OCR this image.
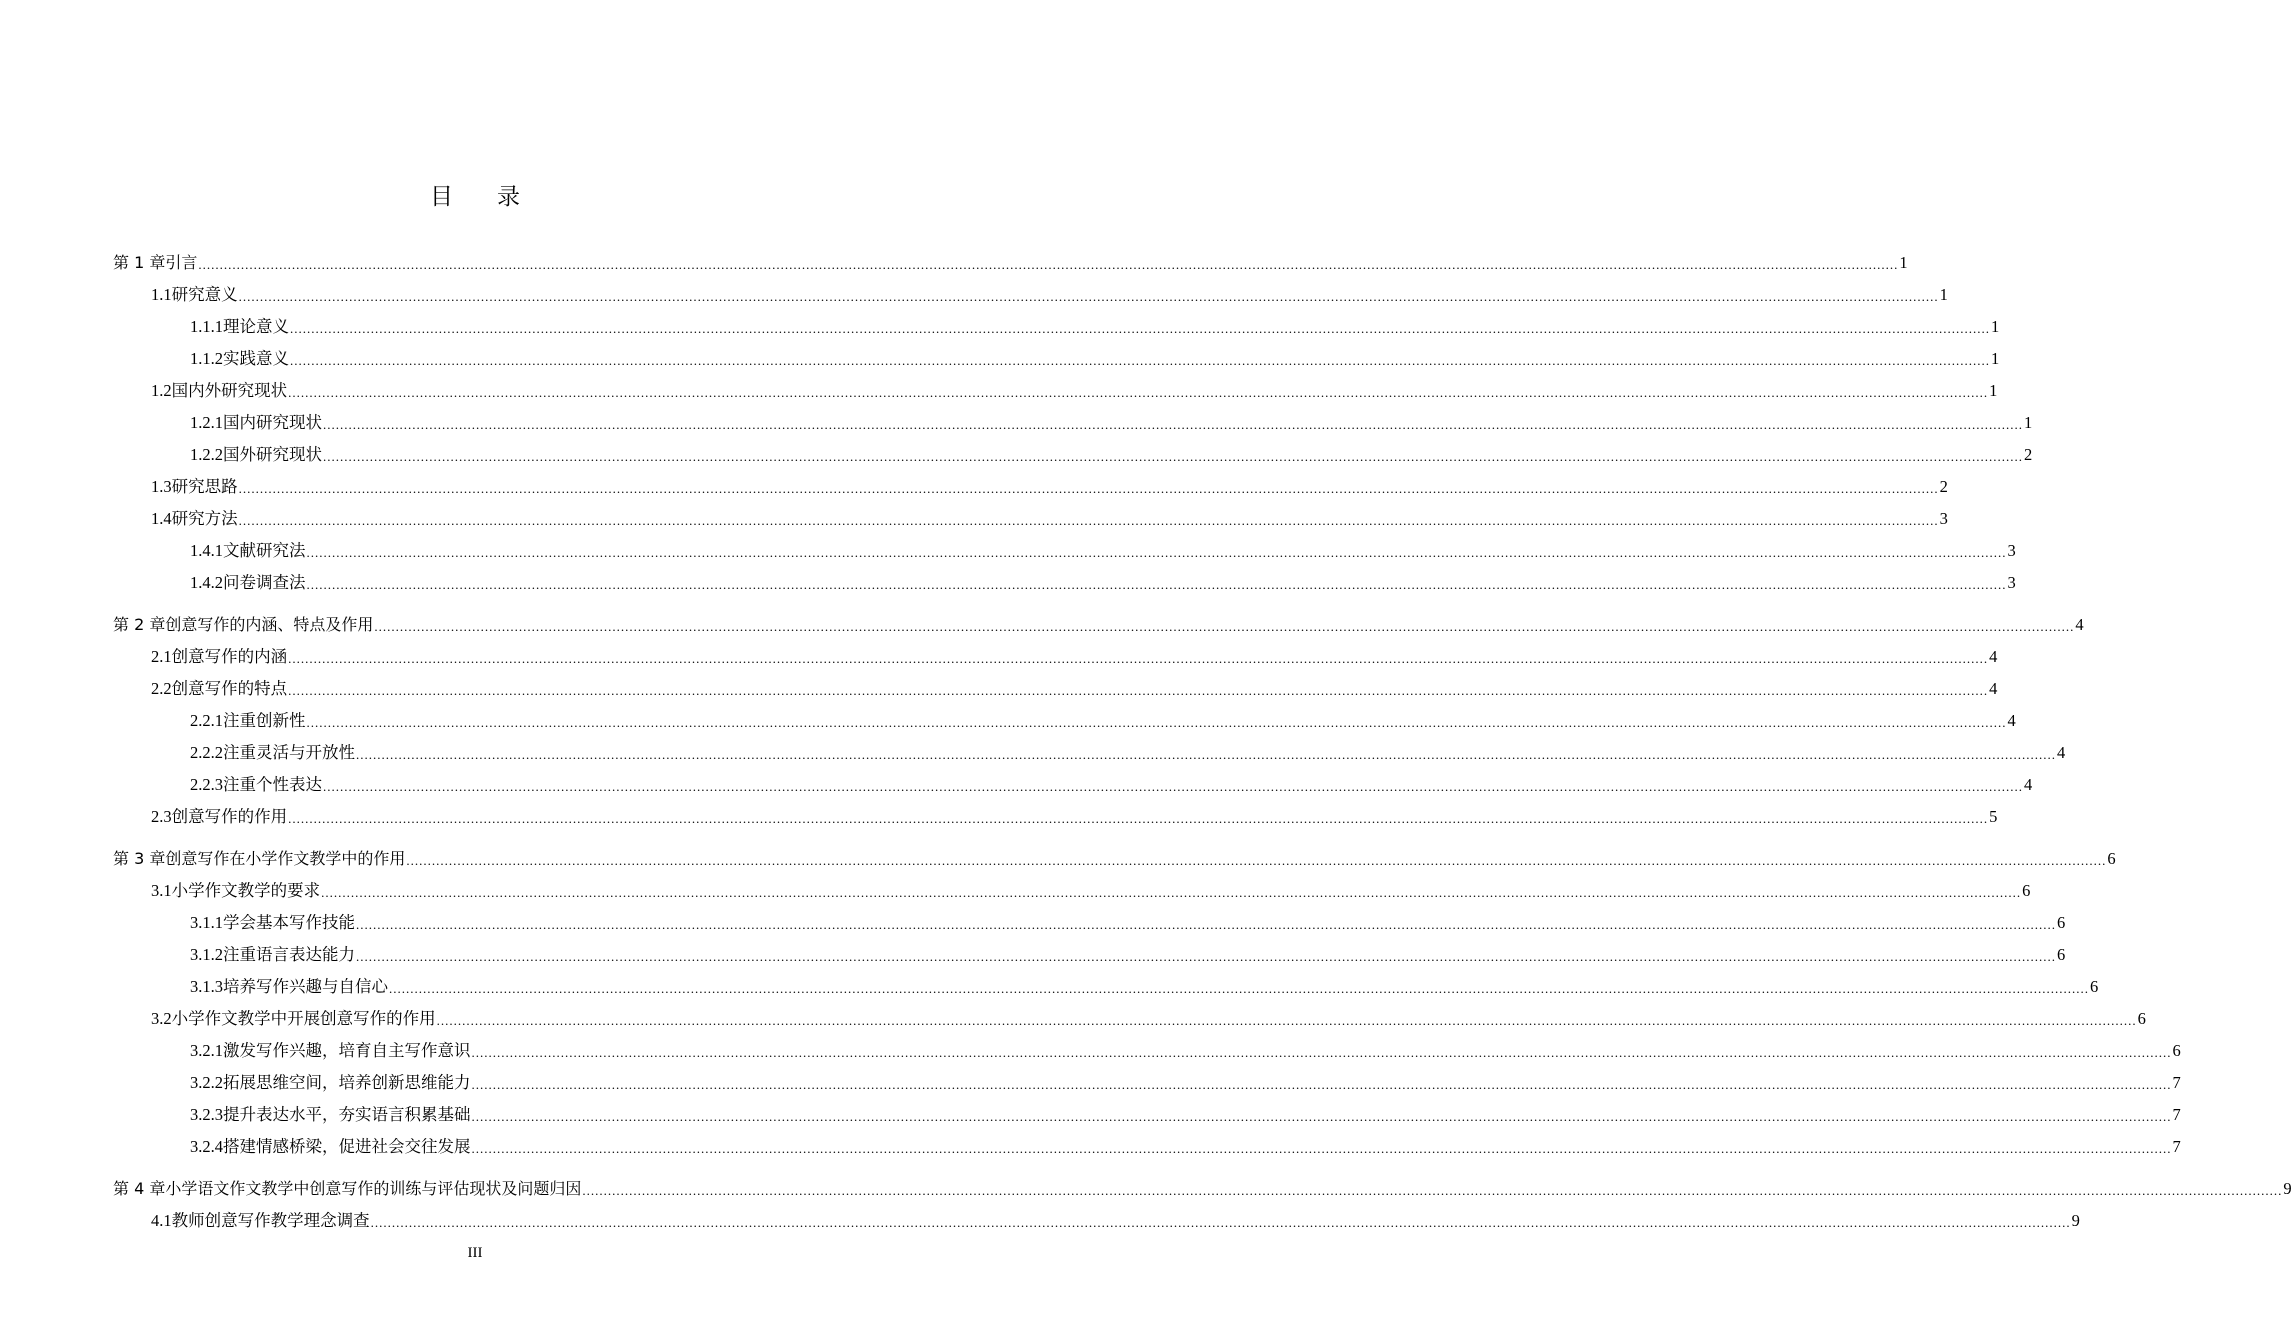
目 录
第 1 章 引言 ................................................................................................................................................................................................................................................................................................................................................................................................................ 1
1.1 研究意义 ................................................................................................................................................................................................................................................................................................................................................................................................................ 1
1.1.1 理论意义 ................................................................................................................................................................................................................................................................................................................................................................................................................ 1
1.1.2 实践意义 ................................................................................................................................................................................................................................................................................................................................................................................................................ 1
1.2 国内外研究现状 ................................................................................................................................................................................................................................................................................................................................................................................................................ 1
1.2.1 国内研究现状 ................................................................................................................................................................................................................................................................................................................................................................................................................ 1
1.2.2 国外研究现状 ................................................................................................................................................................................................................................................................................................................................................................................................................ 2
1.3 研究思路 ................................................................................................................................................................................................................................................................................................................................................................................................................ 2
1.4 研究方法 ................................................................................................................................................................................................................................................................................................................................................................................................................ 3
1.4.1 文献研究法 ................................................................................................................................................................................................................................................................................................................................................................................................................ 3
1.4.2 问卷调查法 ................................................................................................................................................................................................................................................................................................................................................................................................................ 3
第 2 章 创意写作的内涵、特点及作用 ................................................................................................................................................................................................................................................................................................................................................................................................................ 4
2.1 创意写作的内涵 ................................................................................................................................................................................................................................................................................................................................................................................................................ 4
2.2 创意写作的特点 ................................................................................................................................................................................................................................................................................................................................................................................................................ 4
2.2.1 注重创新性 ................................................................................................................................................................................................................................................................................................................................................................................................................ 4
2.2.2 注重灵活与开放性 ................................................................................................................................................................................................................................................................................................................................................................................................................ 4
2.2.3 注重个性表达 ................................................................................................................................................................................................................................................................................................................................................................................................................ 4
2.3 创意写作的作用 ................................................................................................................................................................................................................................................................................................................................................................................................................ 5
第 3 章 创意写作在小学作文教学中的作用 ................................................................................................................................................................................................................................................................................................................................................................................................................ 6
3.1 小学作文教学的要求 ................................................................................................................................................................................................................................................................................................................................................................................................................ 6
3.1.1 学会基本写作技能 ................................................................................................................................................................................................................................................................................................................................................................................................................ 6
3.1.2 注重语言表达能力 ................................................................................................................................................................................................................................................................................................................................................................................................................ 6
3.1.3 培养写作兴趣与自信心 ................................................................................................................................................................................................................................................................................................................................................................................................................ 6
3.2 小学作文教学中开展创意写作的作用 ................................................................................................................................................................................................................................................................................................................................................................................................................ 6
3.2.1 激发写作兴趣，培育自主写作意识 ................................................................................................................................................................................................................................................................................................................................................................................................................ 6
3.2.2 拓展思维空间，培养创新思维能力 ................................................................................................................................................................................................................................................................................................................................................................................................................ 7
3.2.3 提升表达水平，夯实语言积累基础 ................................................................................................................................................................................................................................................................................................................................................................................................................ 7
3.2.4 搭建情感桥梁，促进社会交往发展 ................................................................................................................................................................................................................................................................................................................................................................................................................ 7
第 4 章 小学语文作文教学中创意写作的训练与评估现状及问题归因 ................................................................................................................................................................................................................................................................................................................................................................................................................ 9
4.1 教师创意写作教学理念调查 ................................................................................................................................................................................................................................................................................................................................................................................................................ 9
III
